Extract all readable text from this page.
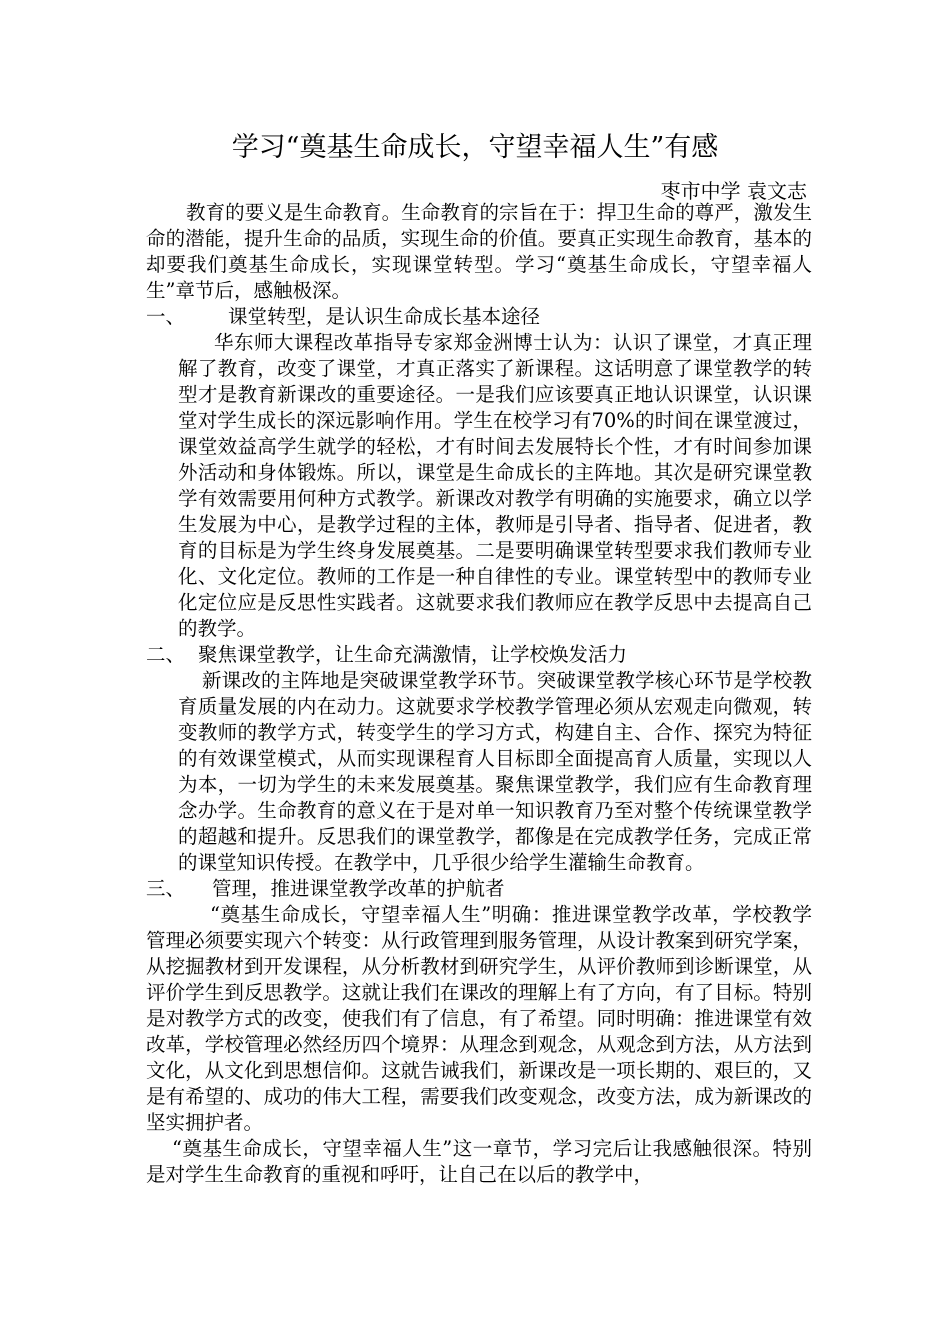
学习“奠基生命成长，守望幸福人生”有感
枣市中学 袁文志

教育的要义是生命教育。生命教育的宗旨在于：捍卫生命的尊严，激发生命的潜能，提升生命的品质，实现生命的价值。要真正实现生命教育，基本的却要我们奠基生命成长，实现课堂转型。学习“奠基生命成长，守望幸福人生”章节后，感触极深。

一、	课堂转型，是认识生命成长基本途径

华东师大课程改革指导专家郑金洲博士认为：认识了课堂，才真正理解了教育，改变了课堂，才真正落实了新课程。这话明意了课堂教学的转型才是教育新课改的重要途径。一是我们应该要真正地认识课堂，认识课堂对学生成长的深远影响作用。学生在校学习有70%的时间在课堂渡过，课堂效益高学生就学的轻松，才有时间去发展特长个性，才有时间参加课外活动和身体锻炼。所以，课堂是生命成长的主阵地。其次是研究课堂教学有效需要用何种方式教学。新课改对教学有明确的实施要求，确立以学生发展为中心，是教学过程的主体，教师是引导者、指导者、促进者，教育的目标是为学生终身发展奠基。二是要明确课堂转型要求我们教师专业化、文化定位。教师的工作是一种自律性的专业。课堂转型中的教师专业化定位应是反思性实践者。这就要求我们教师应在教学反思中去提高自己的教学。

二、 聚焦课堂教学，让生命充满激情，让学校焕发活力

新课改的主阵地是突破课堂教学环节。突破课堂教学核心环节是学校教育质量发展的内在动力。这就要求学校教学管理必须从宏观走向微观，转变教师的教学方式，转变学生的学习方式，构建自主、合作、探究为特征的有效课堂模式，从而实现课程育人目标即全面提高育人质量，实现以人为本，一切为学生的未来发展奠基。聚焦课堂教学，我们应有生命教育理念办学。生命教育的意义在于是对单一知识教育乃至对整个传统课堂教学的超越和提升。反思我们的课堂教学，都像是在完成教学任务，完成正常的课堂知识传授。在教学中，几乎很少给学生灌输生命教育。

三、	管理，推进课堂教学改革的护航者

“奠基生命成长，守望幸福人生”明确：推进课堂教学改革，学校教学管理必须要实现六个转变：从行政管理到服务管理，从设计教案到研究学案，从挖掘教材到开发课程，从分析教材到研究学生，从评价教师到诊断课堂，从评价学生到反思教学。这就让我们在课改的理解上有了方向，有了目标。特别是对教学方式的改变，使我们有了信息，有了希望。同时明确：推进课堂有效改革，学校管理必然经历四个境界：从理念到观念，从观念到方法，从方法到文化，从文化到思想信仰。这就告诫我们，新课改是一项长期的、艰巨的，又是有希望的、成功的伟大工程，需要我们改变观念，改变方法，成为新课改的坚实拥护者。

“奠基生命成长，守望幸福人生”这一章节，学习完后让我感触很深。特别是对学生生命教育的重视和呼吁，让自己在以后的教学中，
